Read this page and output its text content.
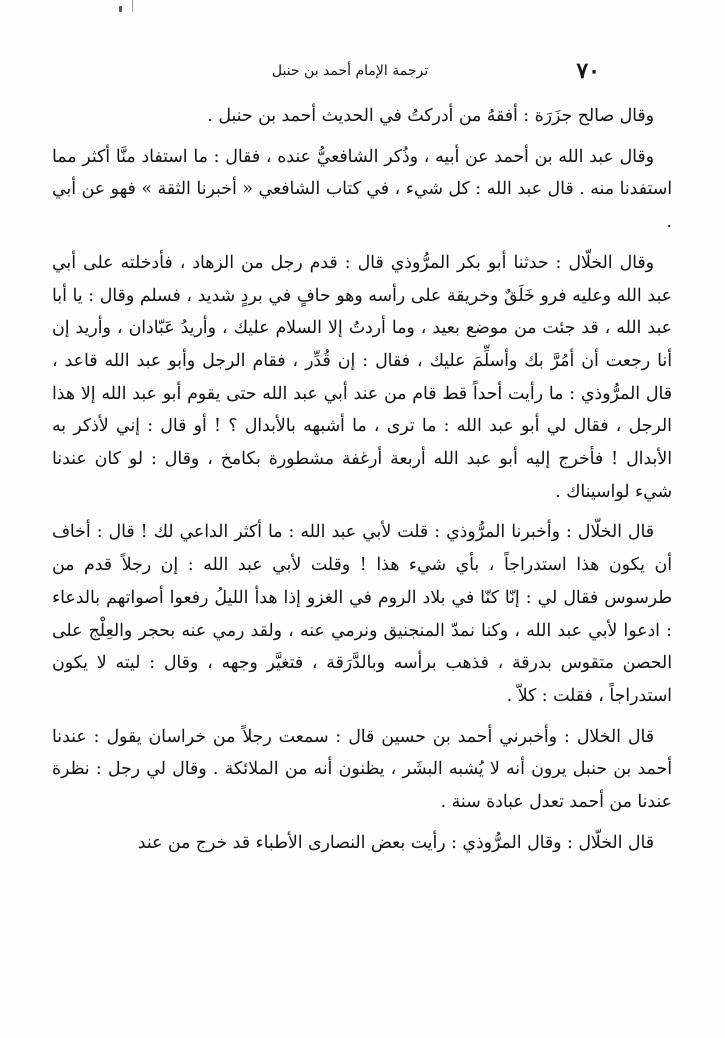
٧٠
ترجمة الإمام أحمد بن حنبل

وقال صالح جزَرَة : أفقهُ من أدركتُ في الحديث أحمد بن حنبل .

وقال عبد الله بن أحمد عن أبيه ، وذُكر الشافعيُّ عنده ، فقال : ما استفاد منَّا أكثر مما استفدنا منه . قال عبد الله : كل شيء ، في كتاب الشافعي « أخبرنا الثقة » فهو عن أبي .

وقال الخلّال : حدثنا أبو بكر المرُّوذي قال : قدم رجل من الزهاد ، فأدخلته على أبي عبد الله وعليه فرو خَلَقٌ وخريقة على رأسه وهو حافٍ في بردٍ شديد ، فسلم وقال : يا أبا عبد الله ، قد جئت من موضع بعيد ، وما أردتُ إلا السلام عليك ، وأريدُ عَبّادان ، وأريد إن أنا رجعت أن أمُرَّ بك وأسلِّمَ عليك ، فقال : إن قُدِّر ، فقام الرجل وأبو عبد الله قاعد ، قال المرُّوذي : ما رأيت أحداً قط قام من عند أبي عبد الله حتى يقوم أبو عبد الله إلا هذا الرجل ، فقال لي أبو عبد الله : ما ترى ، ما أشبهه بالأبدال ؟ ! أو قال : إني لأذكر به الأبدال ! فأخرج إليه أبو عبد الله أربعة أرغفة مشطورة بكامخ ، وقال : لو كان عندنا شيء لواسيناك .

قال الخلّال : وأخبرنا المرُّوذي : قلت لأبي عبد الله : ما أكثر الداعي لك ! قال : أخاف أن يكون هذا استدراجاً ، بأي شيء هذا ! وقلت لأبي عبد الله : إن رجلاً قدم من طرسوس فقال لي : إنّا كنّا في بلاد الروم في الغزو إذا هدأ الليلُ رفعوا أصواتهم بالدعاء : ادعوا لأبي عبد الله ، وكنا نمدّ المنجنيق ونرمي عنه ، ولقد رمي عنه بحجر والعِلْج على الحصن متقوس بدرقة ، فذهب برأسه وبالدَّرَقة ، فتغيَّر وجهه ، وقال : ليته لا يكون استدراجاً ، فقلت : كلاّ .

قال الخلال : وأخبرني أحمد بن حسين قال : سمعت رجلاً من خراسان يقول : عندنا أحمد بن حنبل يرون أنه لا يُشبه البشَر ، يظنون أنه من الملائكة . وقال لي رجل : نظرة عندنا من أحمد تعدل عبادة سنة .

قال الخلّال : وقال المرُّوذي : رأيت بعض النصارى الأطباء قد خرج من عند
